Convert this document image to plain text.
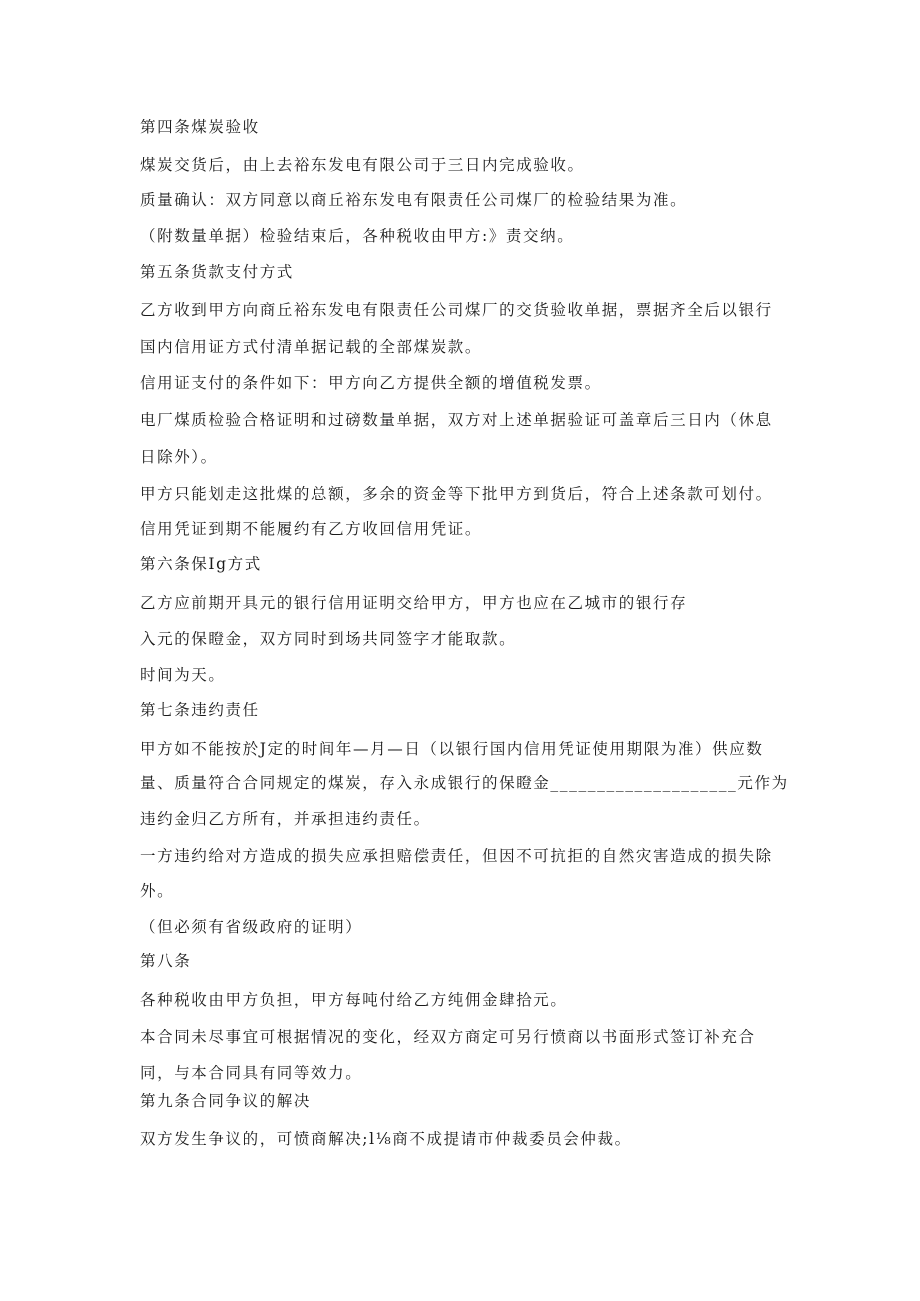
第四条煤炭验收
煤炭交货后，由上去裕东发电有限公司于三日内完成验收。
质量确认：双方同意以商丘裕东发电有限责任公司煤厂的检验结果为准。
（附数量单据）检验结束后，各种税收由甲方:》责交纳。
第五条货款支付方式
乙方收到甲方向商丘裕东发电有限责任公司煤厂的交货验收单据，票据齐全后以银行
国内信用证方式付清单据记载的全部煤炭款。
信用证支付的条件如下：甲方向乙方提供全额的增值税发票。
电厂煤质检验合格证明和过磅数量单据，双方对上述单据验证可盖章后三日内（休息
日除外）。
甲方只能划走这批煤的总额，多余的资金等下批甲方到货后，符合上述条款可划付。
信用凭证到期不能履约有乙方收回信用凭证。
第六条保Ig方式
乙方应前期开具元的银行信用证明交给甲方，甲方也应在乙城市的银行存
入元的保瞪金，双方同时到场共同签字才能取款。
时间为天。
第七条违约责任
甲方如不能按於J定的时间年—月—日（以银行国内信用凭证使用期限为准）供应数
量、质量符合合同规定的煤炭，存入永成银行的保瞪金____________________元作为
违约金归乙方所有，并承担违约责任。
一方违约给对方造成的损失应承担赔偿责任，但因不可抗拒的自然灾害造成的损失除
外。
（但必须有省级政府的证明）
第八条
各种税收由甲方负担，甲方每吨付给乙方纯佣金肆拾元。
本合同未尽事宜可根据情况的变化，经双方商定可另行愤商以书面形式签订补充合
同，与本合同具有同等效力。
第九条合同争议的解决
双方发生争议的，可愤商解决;l⅛商不成提请市仲裁委员会仲裁。
